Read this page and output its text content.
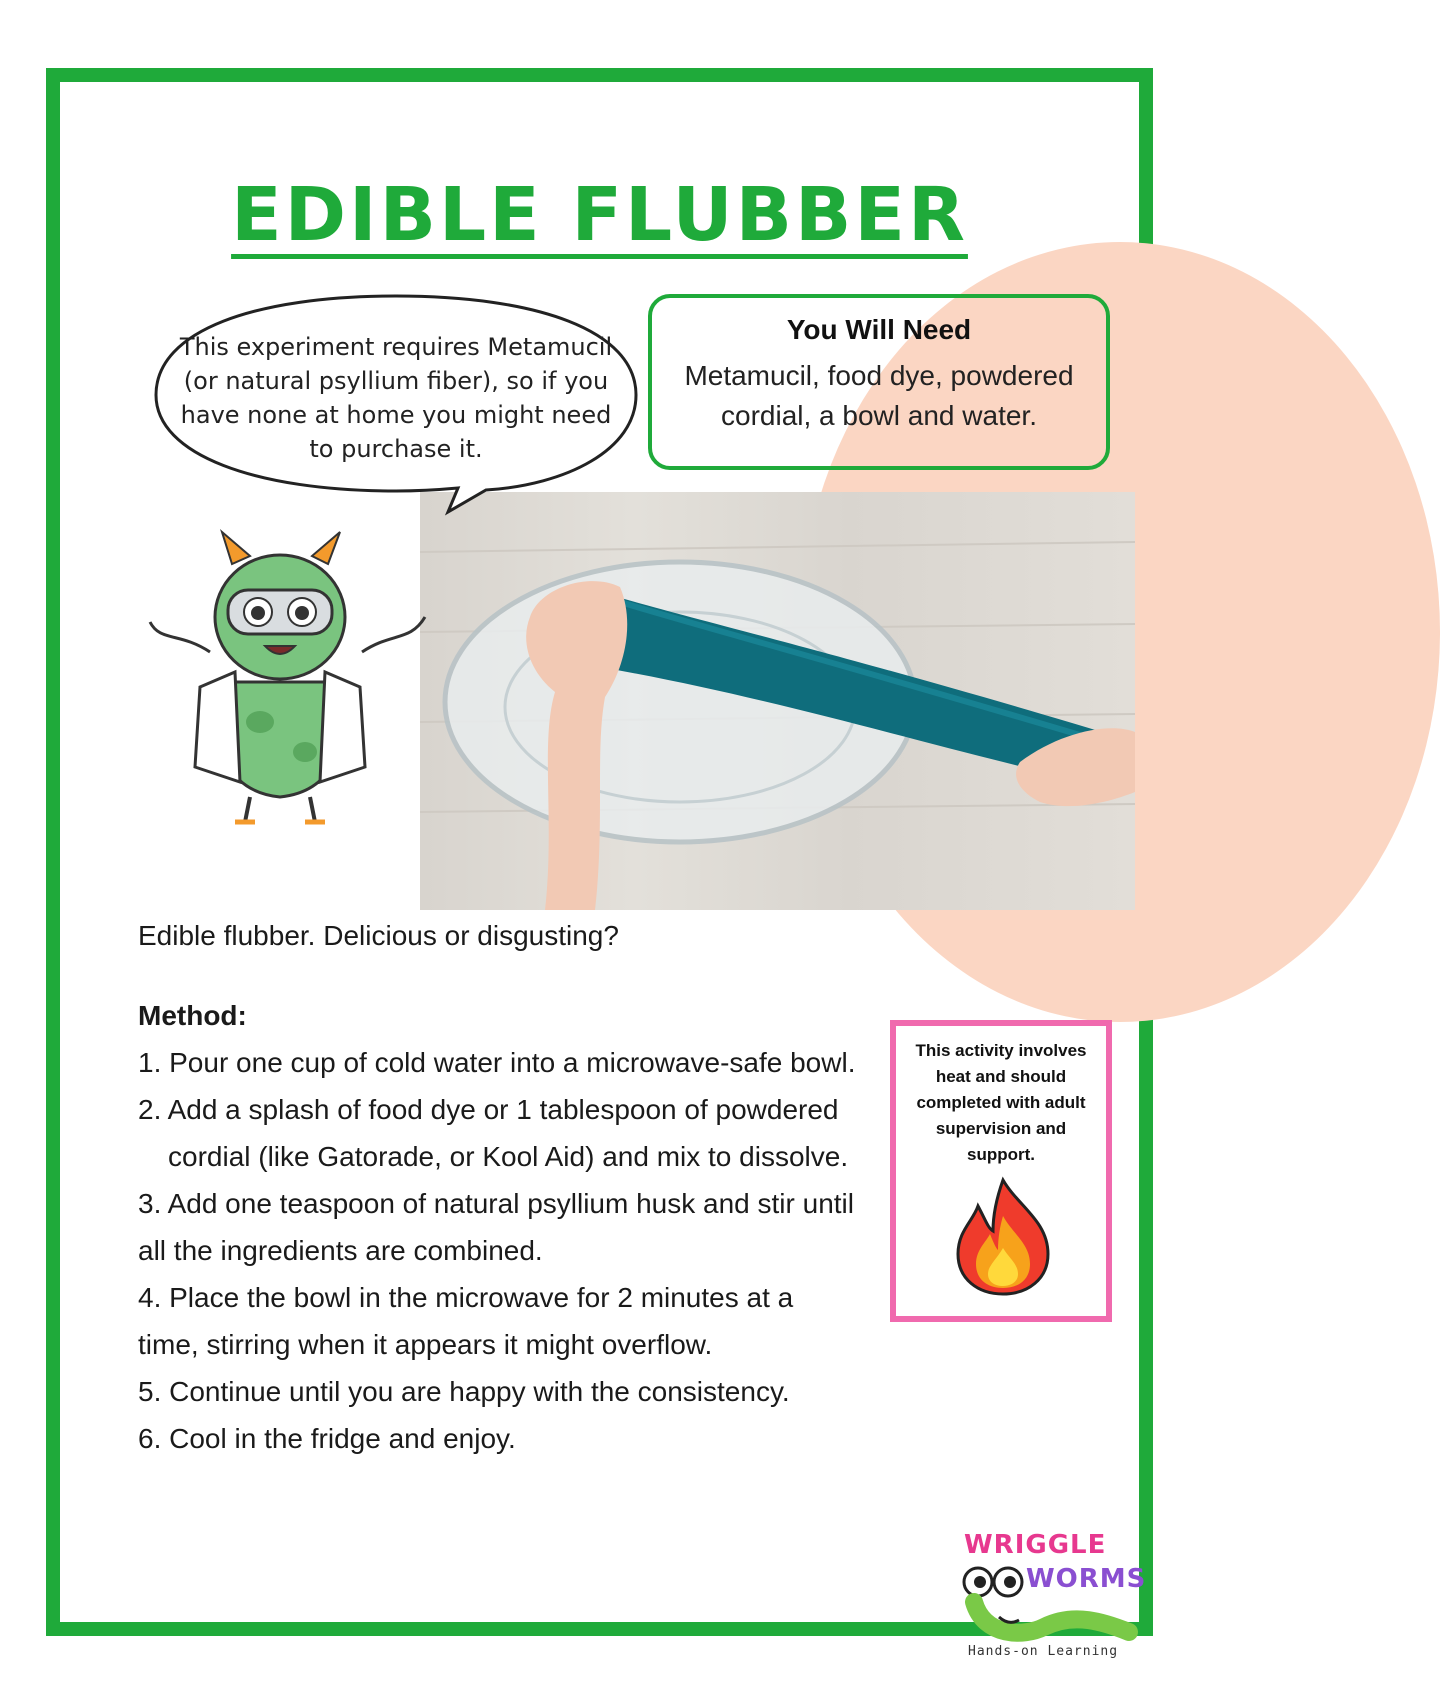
EDIBLE FLUBBER
This experiment requires Metamucil (or natural psyllium fiber), so if you have none at home you might need to purchase it.
You Will Need
Metamucil, food dye, powdered cordial, a bowl and water.
Edible flubber. Delicious or disgusting?
Method:

1. Pour one cup of cold water into a microwave-safe bowl.

2. Add a splash of food dye or 1 tablespoon of powdered cordial (like Gatorade, or Kool Aid) and mix to dissolve.

3. Add one teaspoon of natural psyllium husk and stir until all the ingredients are combined.

4. Place the bowl in the microwave for 2 minutes at a time, stirring when it appears it might overflow.

5. Continue until you are happy with the consistency.

6. Cool in the fridge and enjoy.

This activity involves heat and should completed with adult supervision and support.
WRIGGLE
WORMS
Hands-on Learning
